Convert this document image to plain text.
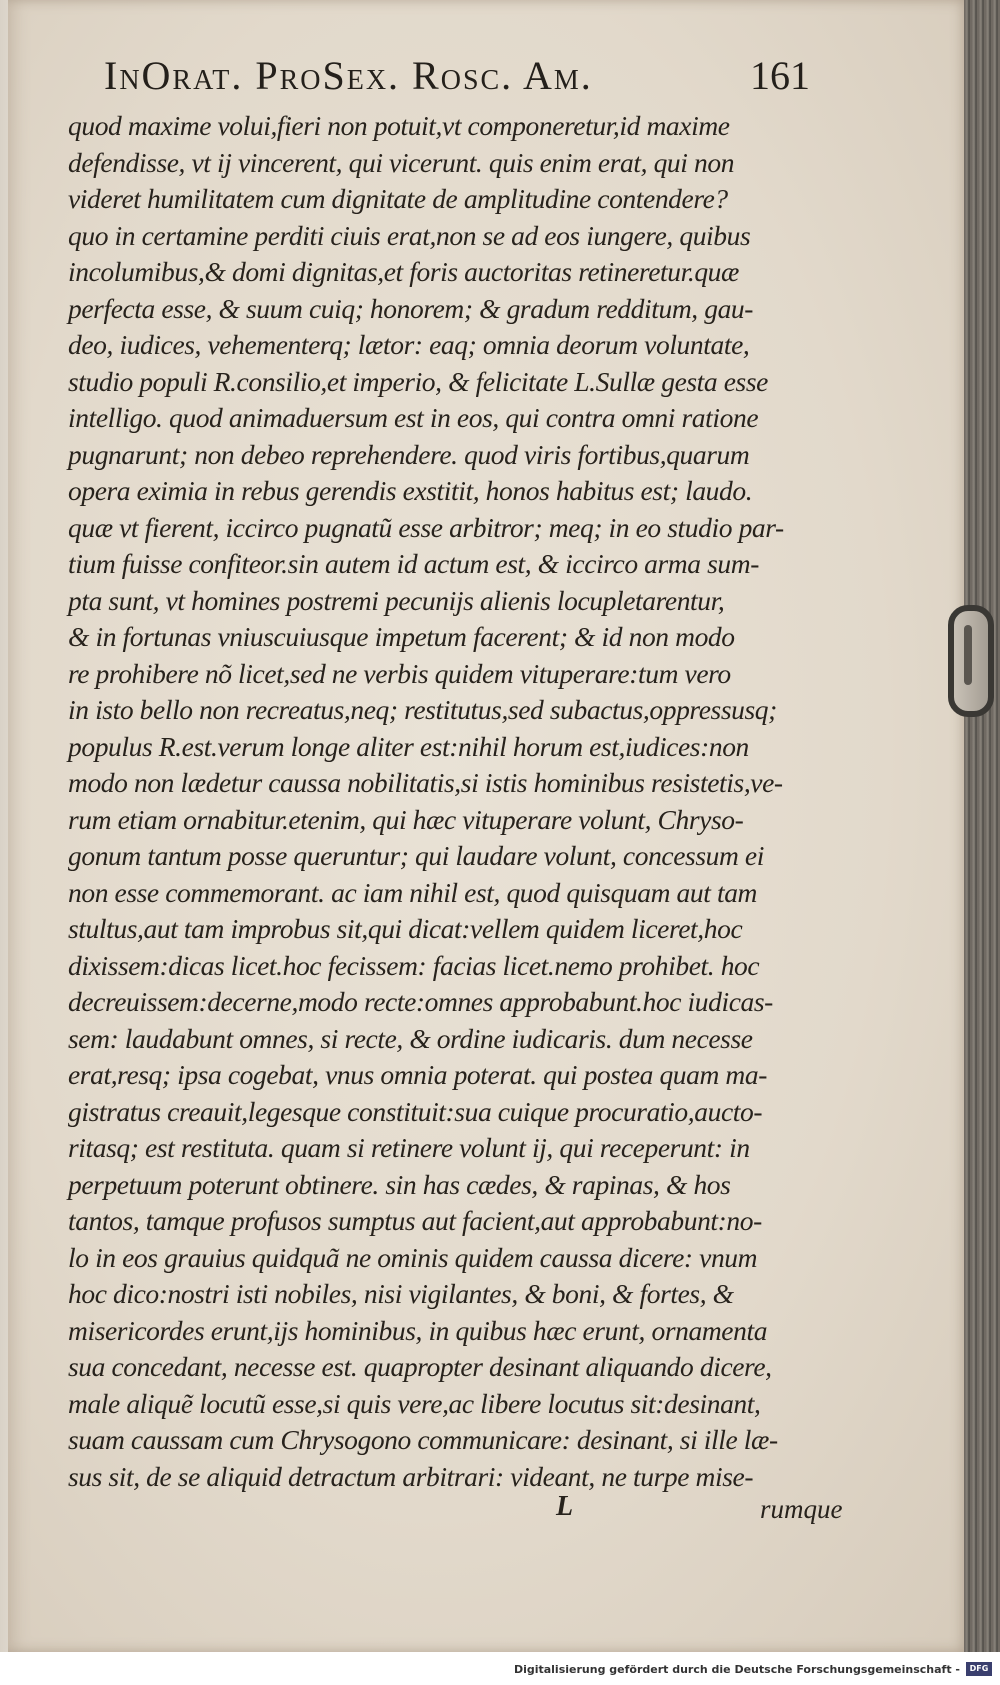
InOrat. ProSex. Rosc. Am.	161
quod maxime volui,fieri non potuit,vt componeretur,id maxime
defendisse, vt ij vincerent, qui vicerunt. quis enim erat, qui non
videret humilitatem cum dignitate de amplitudine contendere?
quo in certamine perditi ciuis erat,non se ad eos iungere, quibus
incolumibus,& domi dignitas,et foris auctoritas retineretur.quæ
perfecta esse, & suum cuiq; honorem; & gradum redditum, gau-
deo, iudices, vehementerq; lætor: eaq; omnia deorum voluntate,
studio populi R.consilio,et imperio, & felicitate L.Sullæ gesta esse
intelligo. quod animaduersum est in eos, qui contra omni ratione
pugnarunt; non debeo reprehendere. quod viris fortibus,quarum
opera eximia in rebus gerendis exstitit, honos habitus est; laudo.
quæ vt fierent, iccirco pugnatũ esse arbitror; meq; in eo studio par-
tium fuisse confiteor.sin autem id actum est, & iccirco arma sum-
pta sunt, vt homines postremi pecunijs alienis locupletarentur,
& in fortunas vniuscuiusque impetum facerent; & id non modo
re prohibere nõ licet,sed ne verbis quidem vituperare:tum vero
in isto bello non recreatus,neq; restitutus,sed subactus,oppressusq;
populus R.est.verum longe aliter est:nihil horum est,iudices:non
modo non lædetur caussa nobilitatis,si istis hominibus resistetis,ve-
rum etiam ornabitur.etenim, qui hæc vituperare volunt, Chryso-
gonum tantum posse queruntur; qui laudare volunt, concessum ei
non esse commemorant. ac iam nihil est, quod quisquam aut tam
stultus,aut tam improbus sit,qui dicat:vellem quidem liceret,hoc
dixissem:dicas licet.hoc fecissem: facias licet.nemo prohibet. hoc
decreuissem:decerne,modo recte:omnes approbabunt.hoc iudicas-
sem: laudabunt omnes, si recte, & ordine iudicaris. dum necesse
erat,resq; ipsa cogebat, vnus omnia poterat. qui postea quam ma-
gistratus creauit,legesque constituit:sua cuique procuratio,aucto-
ritasq; est restituta. quam si retinere volunt ij, qui receperunt: in
perpetuum poterunt obtinere. sin has cædes, & rapinas, & hos
tantos, tamque profusos sumptus aut facient,aut approbabunt:no-
lo in eos grauius quidquã ne ominis quidem caussa dicere: vnum
hoc dico:nostri isti nobiles, nisi vigilantes, & boni, & fortes, &
misericordes erunt,ijs hominibus, in quibus hæc erunt, ornamenta
sua concedant, necesse est. quapropter desinant aliquando dicere,
male aliquẽ locutũ esse,si quis vere,ac libere locutus sit:desinant,
suam caussam cum Chrysogono communicare: desinant, si ille læ-
sus sit, de se aliquid detractum arbitrari: videant, ne turpe mise-
L	rumque
Digitalisierung gefördert durch die Deutsche Forschungsgemeinschaft -	DFG
